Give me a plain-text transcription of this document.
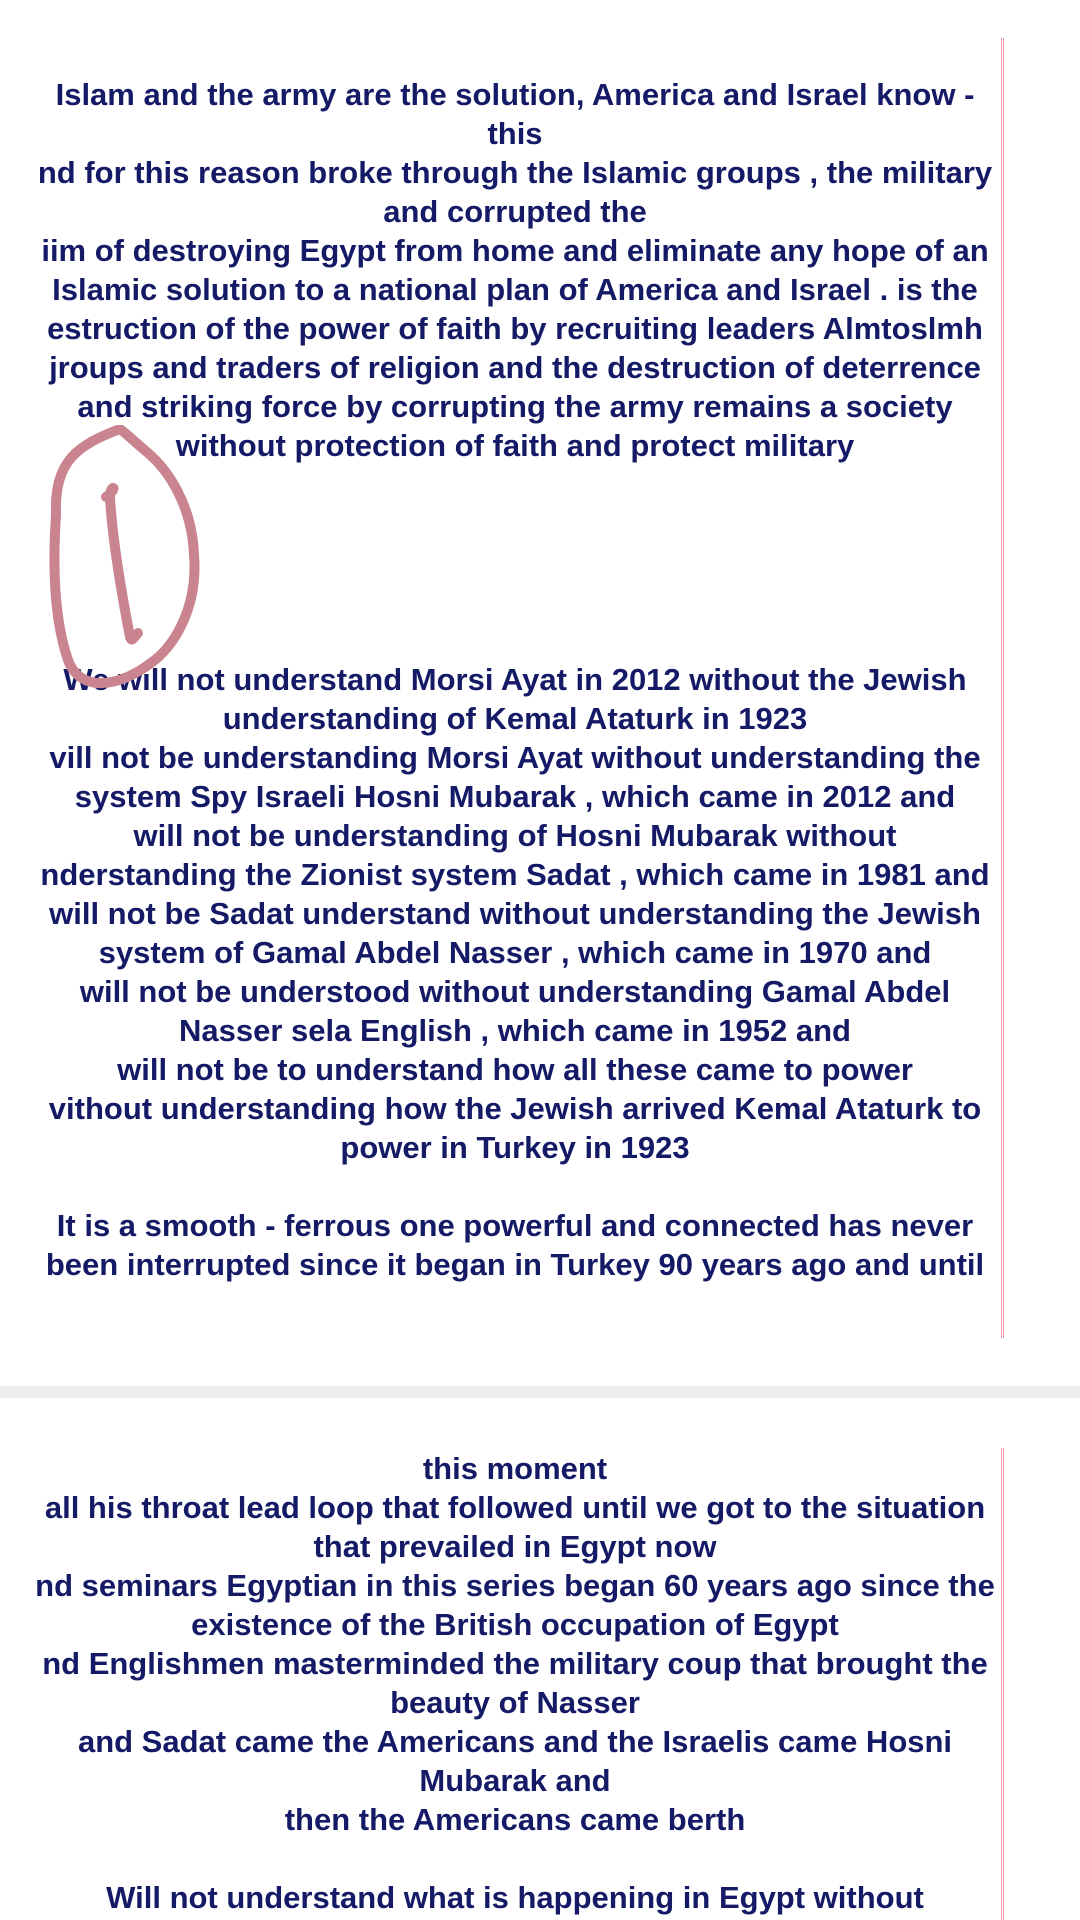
Islam and the army are the solution, America and Israel know -
this
nd for this reason broke through the Islamic groups , the military
and corrupted the
iim of destroying Egypt from home and eliminate any hope of an
Islamic solution to a national plan of America and Israel . is the
estruction of the power of faith by recruiting leaders Almtoslmh
jroups and traders of religion and the destruction of deterrence
and striking force by corrupting the army remains a society
without protection of faith and protect military
We will not understand Morsi Ayat in 2012 without the Jewish
understanding of Kemal Ataturk in 1923
vill not be understanding Morsi Ayat without understanding the
system Spy Israeli Hosni Mubarak , which came in 2012 and
will not be understanding of Hosni Mubarak without
nderstanding the Zionist system Sadat , which came in 1981 and
will not be Sadat understand without understanding the Jewish
system of Gamal Abdel Nasser , which came in 1970 and
will not be understood without understanding Gamal Abdel
Nasser sela English , which came in 1952 and
will not be to understand how all these came to power
vithout understanding how the Jewish arrived Kemal Ataturk to
power in Turkey in 1923
It is a smooth - ferrous one powerful and connected has never
been interrupted since it began in Turkey 90 years ago and until
this moment
all his throat lead loop that followed until we got to the situation
that prevailed in Egypt now
nd seminars Egyptian in this series began 60 years ago since the
existence of the British occupation of Egypt
nd Englishmen masterminded the military coup that brought the
beauty of Nasser
and Sadat came the Americans and the Israelis came Hosni
Mubarak and
then the Americans came berth
Will not understand what is happening in Egypt without
